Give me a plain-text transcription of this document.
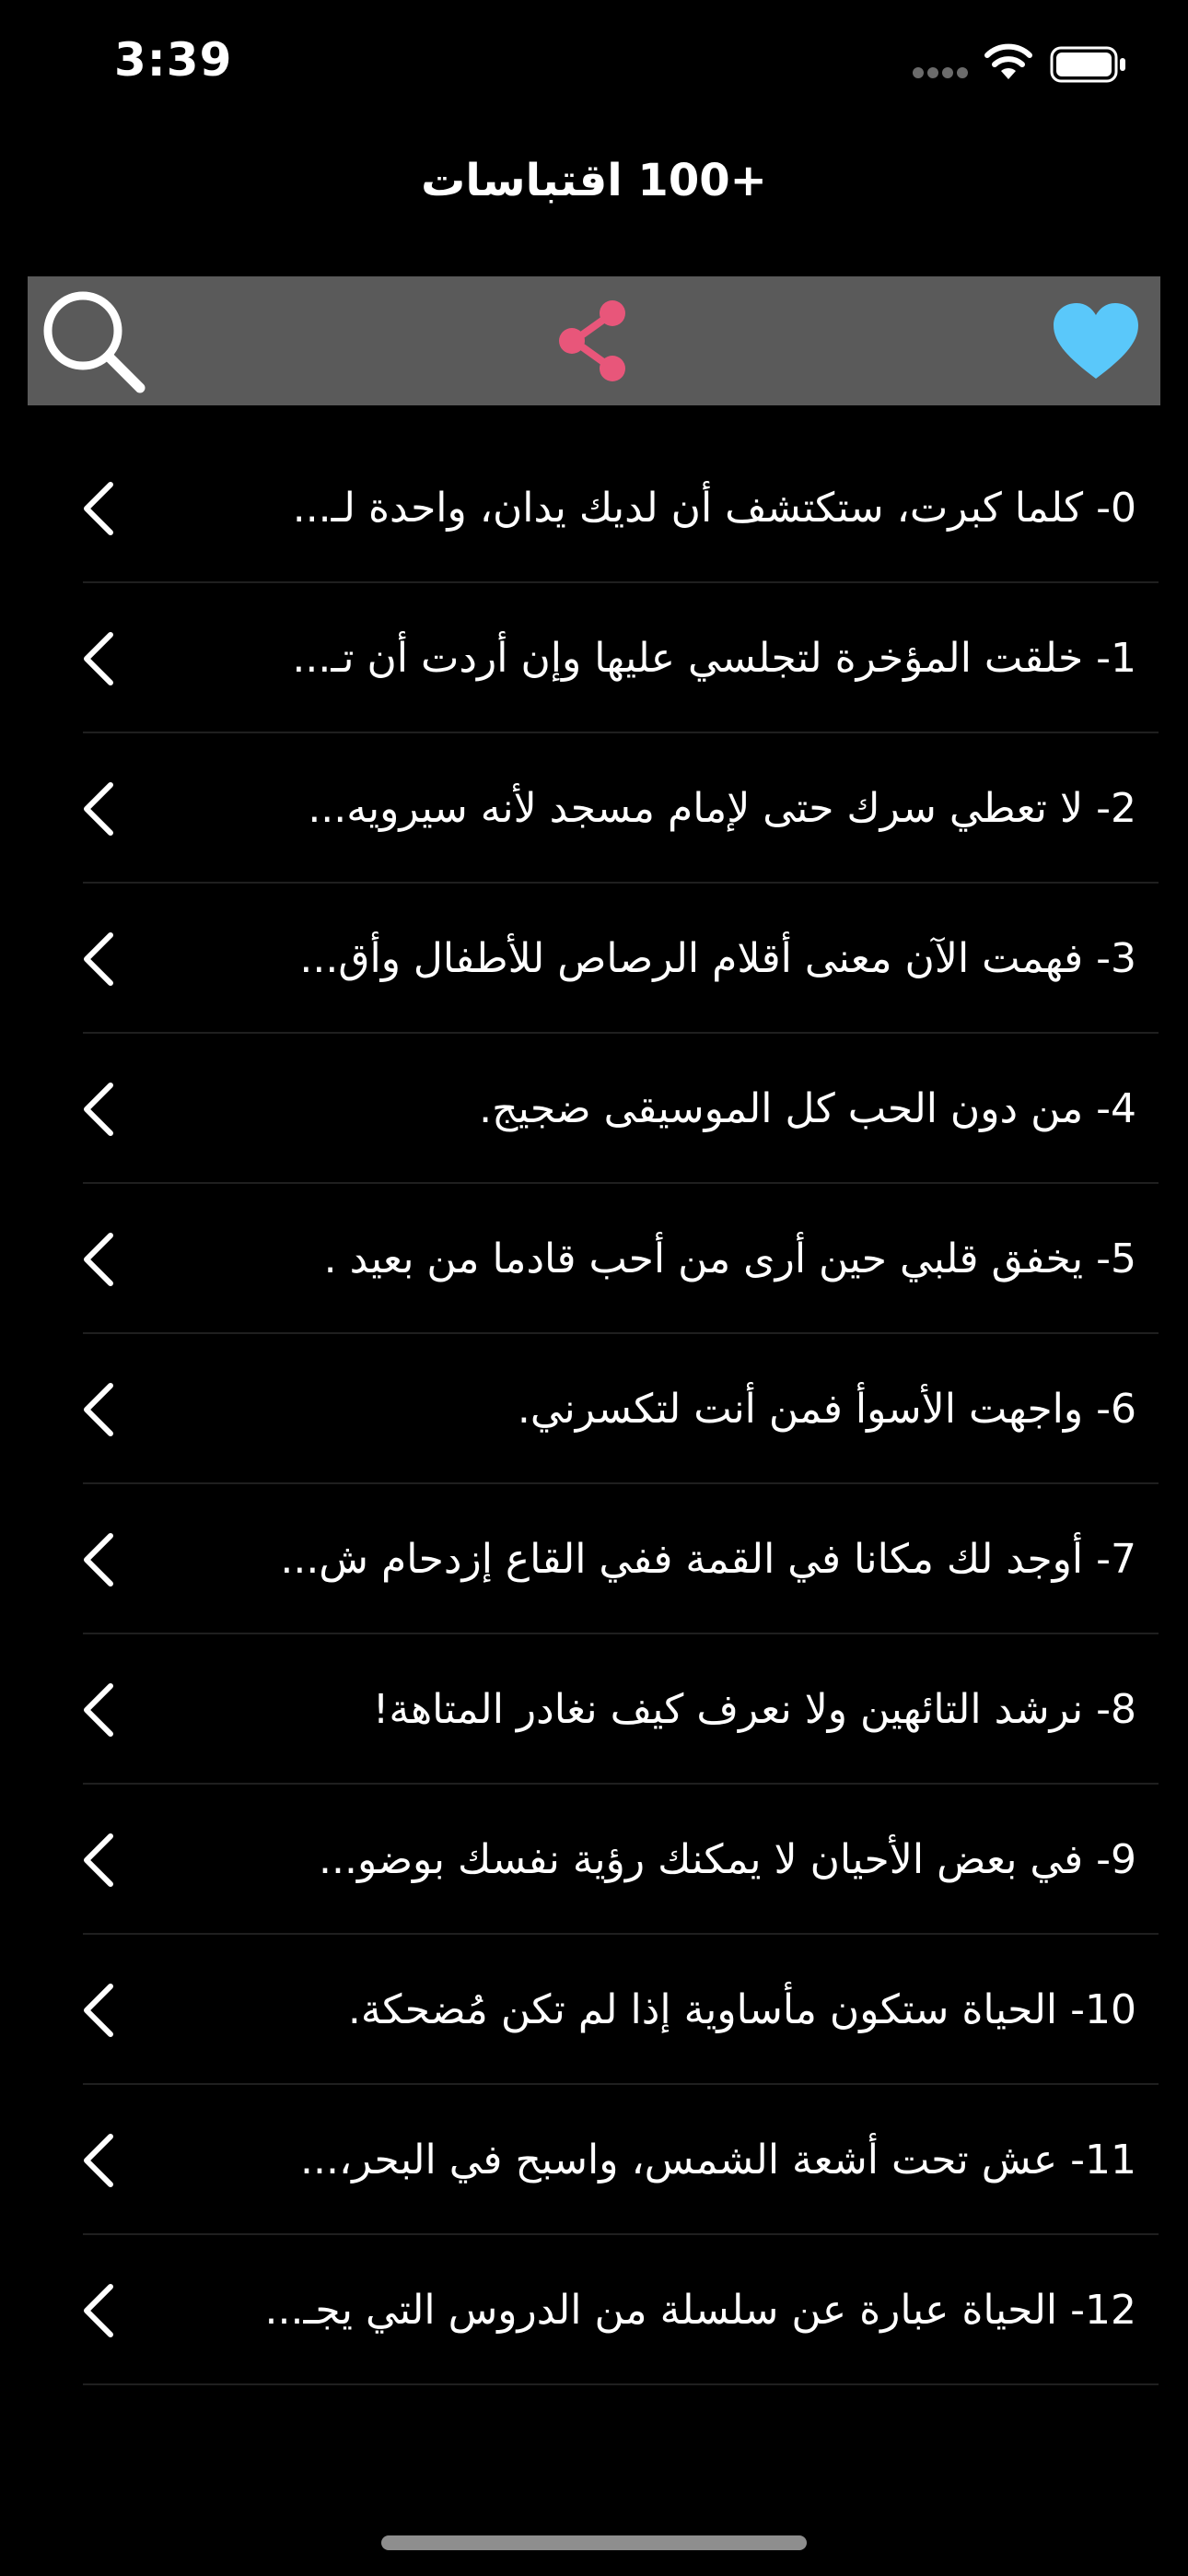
3:39
+100 اقتباسات
0- كلما كبرت، ستكتشف أن لديك يدان، واحدة لـ...
1- خلقت المؤخرة لتجلسي عليها وإن أردت أن تـ...
2- لا تعطي سرك حتى لإمام مسجد لأنه سيرويه...
3- فهمت الآن معنى أقلام الرصاص للأطفال وأق...
4- من دون الحب كل الموسيقى ضجيج.
5- يخفق قلبي حين أرى من أحب قادما من بعيد .
6- واجهت الأسوأ فمن أنت لتكسرني.
7- أوجد لك مكانا في القمة ففي القاع إزدحام ش...
8- نرشد التائهين ولا نعرف كيف نغادر المتاهة!
9- في بعض الأحيان لا يمكنك رؤية نفسك بوضو...
10- الحياة ستكون مأساوية إذا لم تكن مُضحكة.
11- عش تحت أشعة الشمس، واسبح في البحر،...
12- الحياة عبارة عن سلسلة من الدروس التي يجـ...
